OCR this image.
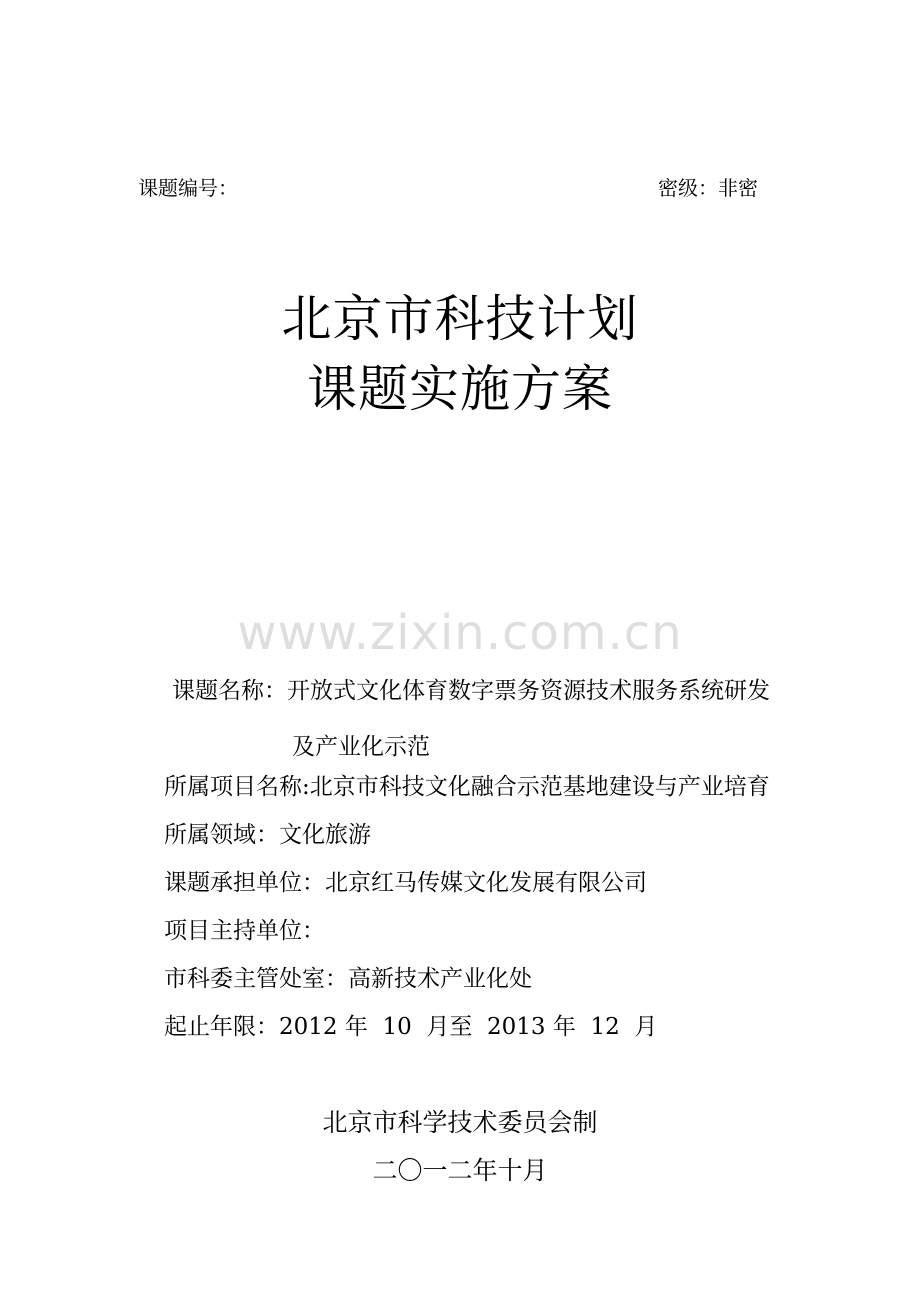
课题编号：	密级：非密
北京市科技计划
课题实施方案
www.zixin.com.cn
课题名称：开放式文化体育数字票务资源技术服务系统研发
及产业化示范
所属项目名称:北京市科技文化融合示范基地建设与产业培育
所属领域：文化旅游
课题承担单位：北京红马传媒文化发展有限公司
项目主持单位：
市科委主管处室：高新技术产业化处
起止年限：2012 年  10  月至  2013 年  12  月
北京市科学技术委员会制
二〇一二年十月
